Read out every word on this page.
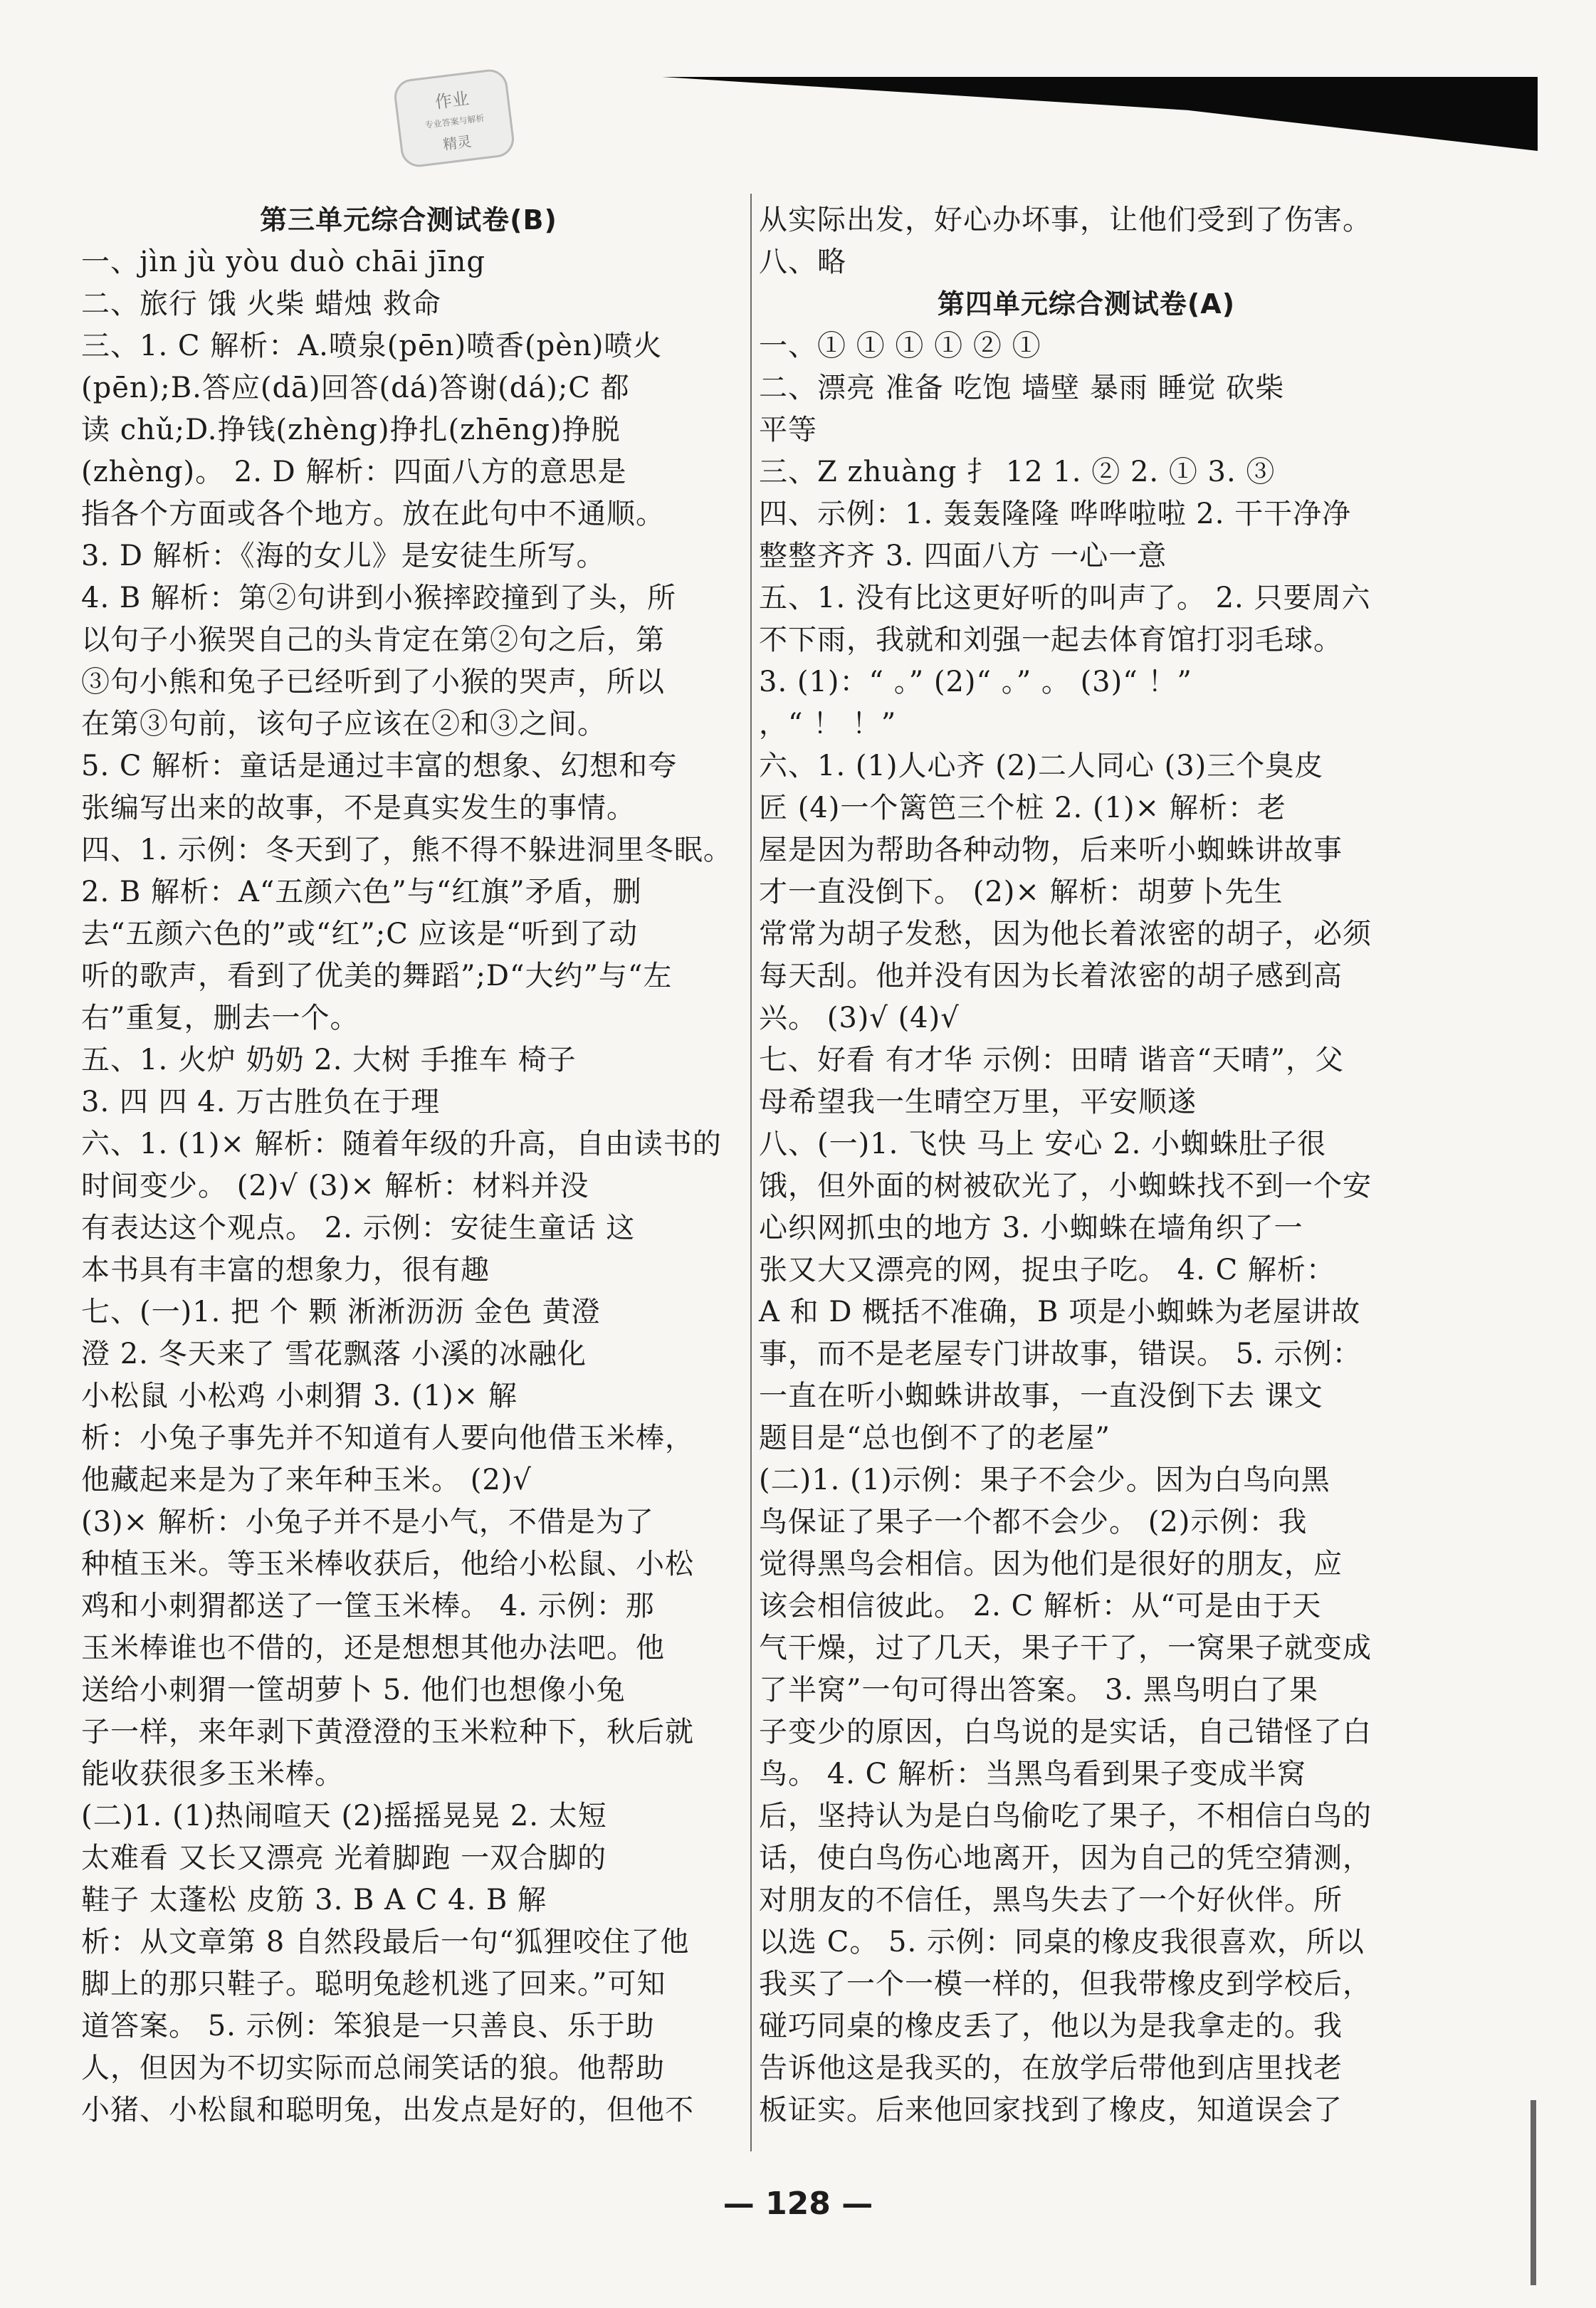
作业
专业答案与解析
精灵
第三单元综合测试卷(B)
一、jìn jù yòu duò chāi jīng
二、旅行 饿 火柴 蜡烛 救命
三、1. C 解析：A.喷泉(pēn)喷香(pèn)喷火
(pēn);B.答应(dā)回答(dá)答谢(dá);C 都
读 chǔ;D.挣钱(zhèng)挣扎(zhēng)挣脱
(zhèng)。 2. D 解析：四面八方的意思是
指各个方面或各个地方。放在此句中不通顺。
3. D 解析：《海的女儿》是安徒生所写。
4. B 解析：第②句讲到小猴摔跤撞到了头，所
以句子小猴哭自己的头肯定在第②句之后，第
③句小熊和兔子已经听到了小猴的哭声，所以
在第③句前，该句子应该在②和③之间。
5. C 解析：童话是通过丰富的想象、幻想和夸
张编写出来的故事，不是真实发生的事情。
四、1. 示例：冬天到了，熊不得不躲进洞里冬眠。
2. B 解析：A“五颜六色”与“红旗”矛盾，删
去“五颜六色的”或“红”;C 应该是“听到了动
听的歌声，看到了优美的舞蹈”;D“大约”与“左
右”重复，删去一个。
五、1. 火炉 奶奶 2. 大树 手推车 椅子
3. 四 四 4. 万古胜负在于理
六、1. (1)× 解析：随着年级的升高，自由读书的
时间变少。 (2)√ (3)× 解析：材料并没
有表达这个观点。 2. 示例：安徒生童话 这
本书具有丰富的想象力，很有趣
七、(一)1. 把 个 颗 淅淅沥沥 金色 黄澄
澄 2. 冬天来了 雪花飘落 小溪的冰融化
小松鼠 小松鸡 小刺猬 3. (1)× 解
析：小兔子事先并不知道有人要向他借玉米棒，
他藏起来是为了来年种玉米。 (2)√
(3)× 解析：小兔子并不是小气，不借是为了
种植玉米。等玉米棒收获后，他给小松鼠、小松
鸡和小刺猬都送了一筐玉米棒。 4. 示例：那
玉米棒谁也不借的，还是想想其他办法吧。他
送给小刺猬一筐胡萝卜 5. 他们也想像小兔
子一样，来年剥下黄澄澄的玉米粒种下，秋后就
能收获很多玉米棒。
(二)1. (1)热闹喧天 (2)摇摇晃晃 2. 太短
太难看 又长又漂亮 光着脚跑 一双合脚的
鞋子 太蓬松 皮筋 3. B A C 4. B 解
析：从文章第 8 自然段最后一句“狐狸咬住了他
脚上的那只鞋子。聪明兔趁机逃了回来。”可知
道答案。 5. 示例：笨狼是一只善良、乐于助
人，但因为不切实际而总闹笑话的狼。他帮助
小猪、小松鼠和聪明兔，出发点是好的，但他不
从实际出发，好心办坏事，让他们受到了伤害。
八、略
第四单元综合测试卷(A)
一、① ① ① ① ② ①
二、漂亮 准备 吃饱 墙壁 暴雨 睡觉 砍柴
平等
三、Z zhuàng 扌 12 1. ② 2. ① 3. ③
四、示例：1. 轰轰隆隆 哗哗啦啦 2. 干干净净
整整齐齐 3. 四面八方 一心一意
五、1. 没有比这更好听的叫声了。 2. 只要周六
不下雨，我就和刘强一起去体育馆打羽毛球。
3. (1)：“ 。” (2)“ 。” 。 (3)“ ！”
，“ ！ ！”
六、1. (1)人心齐 (2)二人同心 (3)三个臭皮
匠 (4)一个篱笆三个桩 2. (1)× 解析：老
屋是因为帮助各种动物，后来听小蜘蛛讲故事
才一直没倒下。 (2)× 解析：胡萝卜先生
常常为胡子发愁，因为他长着浓密的胡子，必须
每天刮。他并没有因为长着浓密的胡子感到高
兴。 (3)√ (4)√
七、好看 有才华 示例：田晴 谐音“天晴”，父
母希望我一生晴空万里，平安顺遂
八、(一)1. 飞快 马上 安心 2. 小蜘蛛肚子很
饿，但外面的树被砍光了，小蜘蛛找不到一个安
心织网抓虫的地方 3. 小蜘蛛在墙角织了一
张又大又漂亮的网，捉虫子吃。 4. C 解析：
A 和 D 概括不准确，B 项是小蜘蛛为老屋讲故
事，而不是老屋专门讲故事，错误。 5. 示例：
一直在听小蜘蛛讲故事，一直没倒下去 课文
题目是“总也倒不了的老屋”
(二)1. (1)示例：果子不会少。因为白鸟向黑
鸟保证了果子一个都不会少。 (2)示例：我
觉得黑鸟会相信。因为他们是很好的朋友，应
该会相信彼此。 2. C 解析：从“可是由于天
气干燥，过了几天，果子干了，一窝果子就变成
了半窝”一句可得出答案。 3. 黑鸟明白了果
子变少的原因，白鸟说的是实话，自己错怪了白
鸟。 4. C 解析：当黑鸟看到果子变成半窝
后，坚持认为是白鸟偷吃了果子，不相信白鸟的
话，使白鸟伤心地离开，因为自己的凭空猜测，
对朋友的不信任，黑鸟失去了一个好伙伴。所
以选 C。 5. 示例：同桌的橡皮我很喜欢，所以
我买了一个一模一样的，但我带橡皮到学校后，
碰巧同桌的橡皮丢了，他以为是我拿走的。我
告诉他这是我买的，在放学后带他到店里找老
板证实。后来他回家找到了橡皮，知道误会了
— 128 —
